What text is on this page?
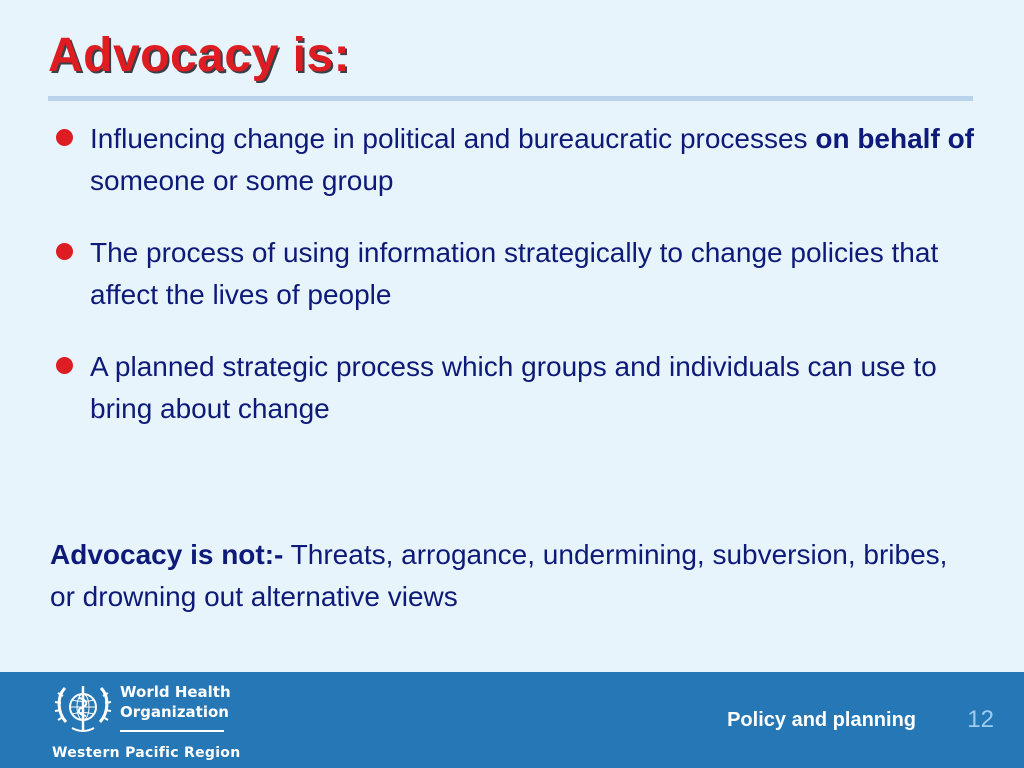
Advocacy is:
Influencing change in political and bureaucratic processes on behalf of someone or some group
The process of using information strategically to change policies that affect the lives of people
A planned strategic process which groups and individuals can use to bring about change

Advocacy is not:- Threats, arrogance, undermining, subversion, bribes, or drowning out alternative views

World Health
Organization
Western Pacific Region
Policy and planning 12
